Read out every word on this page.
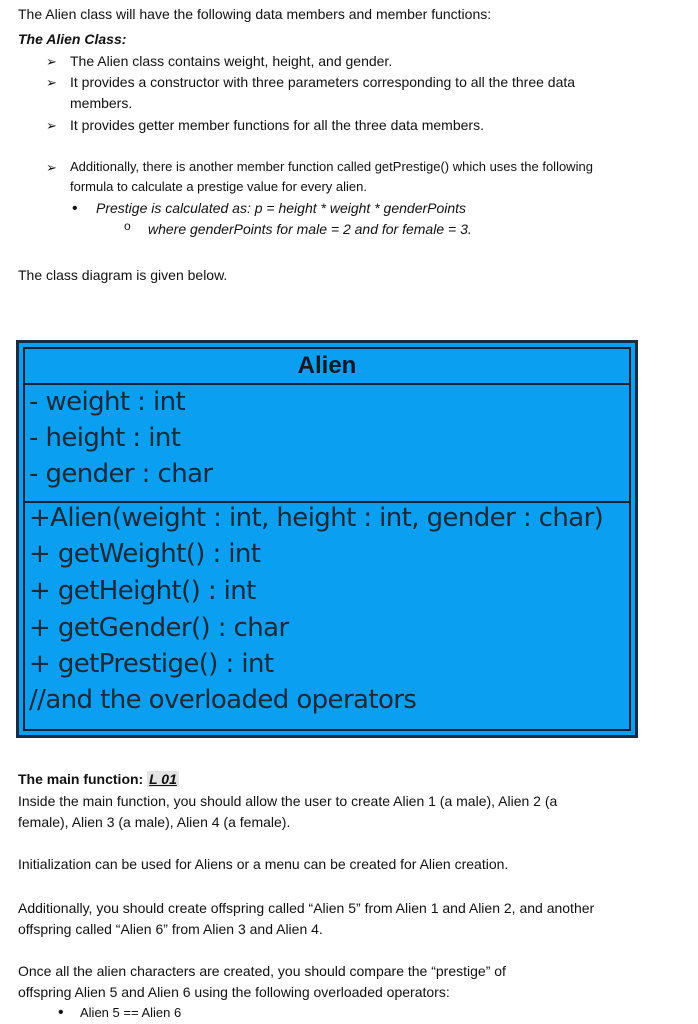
The Alien class will have the following data members and member functions:
The Alien Class:
➢ The Alien class contains weight, height, and gender.
➢ It provides a constructor with three parameters corresponding to all the three data
members.
➢ It provides getter member functions for all the three data members.
➢ Additionally, there is another member function called getPrestige() which uses the following
formula to calculate a prestige value for every alien.
• Prestige is calculated as: p = height * weight * genderPoints
o where genderPoints for male = 2 and for female = 3.
The class diagram is given below.
Alien
- weight : int
- height : int
- gender : char
+Alien(weight : int, height : int, gender : char)
+ getWeight() : int
+ getHeight() : int
+ getGender() : char
+ getPrestige() : int
//and the overloaded operators
The main function: L 01
Inside the main function, you should allow the user to create Alien 1 (a male), Alien 2 (a
female), Alien 3 (a male), Alien 4 (a female).
Initialization can be used for Aliens or a menu can be created for Alien creation.
Additionally, you should create offspring called “Alien 5” from Alien 1 and Alien 2, and another
offspring called “Alien 6” from Alien 3 and Alien 4.
Once all the alien characters are created, you should compare the “prestige” of
offspring Alien 5 and Alien 6 using the following overloaded operators:
• Alien 5 == Alien 6
